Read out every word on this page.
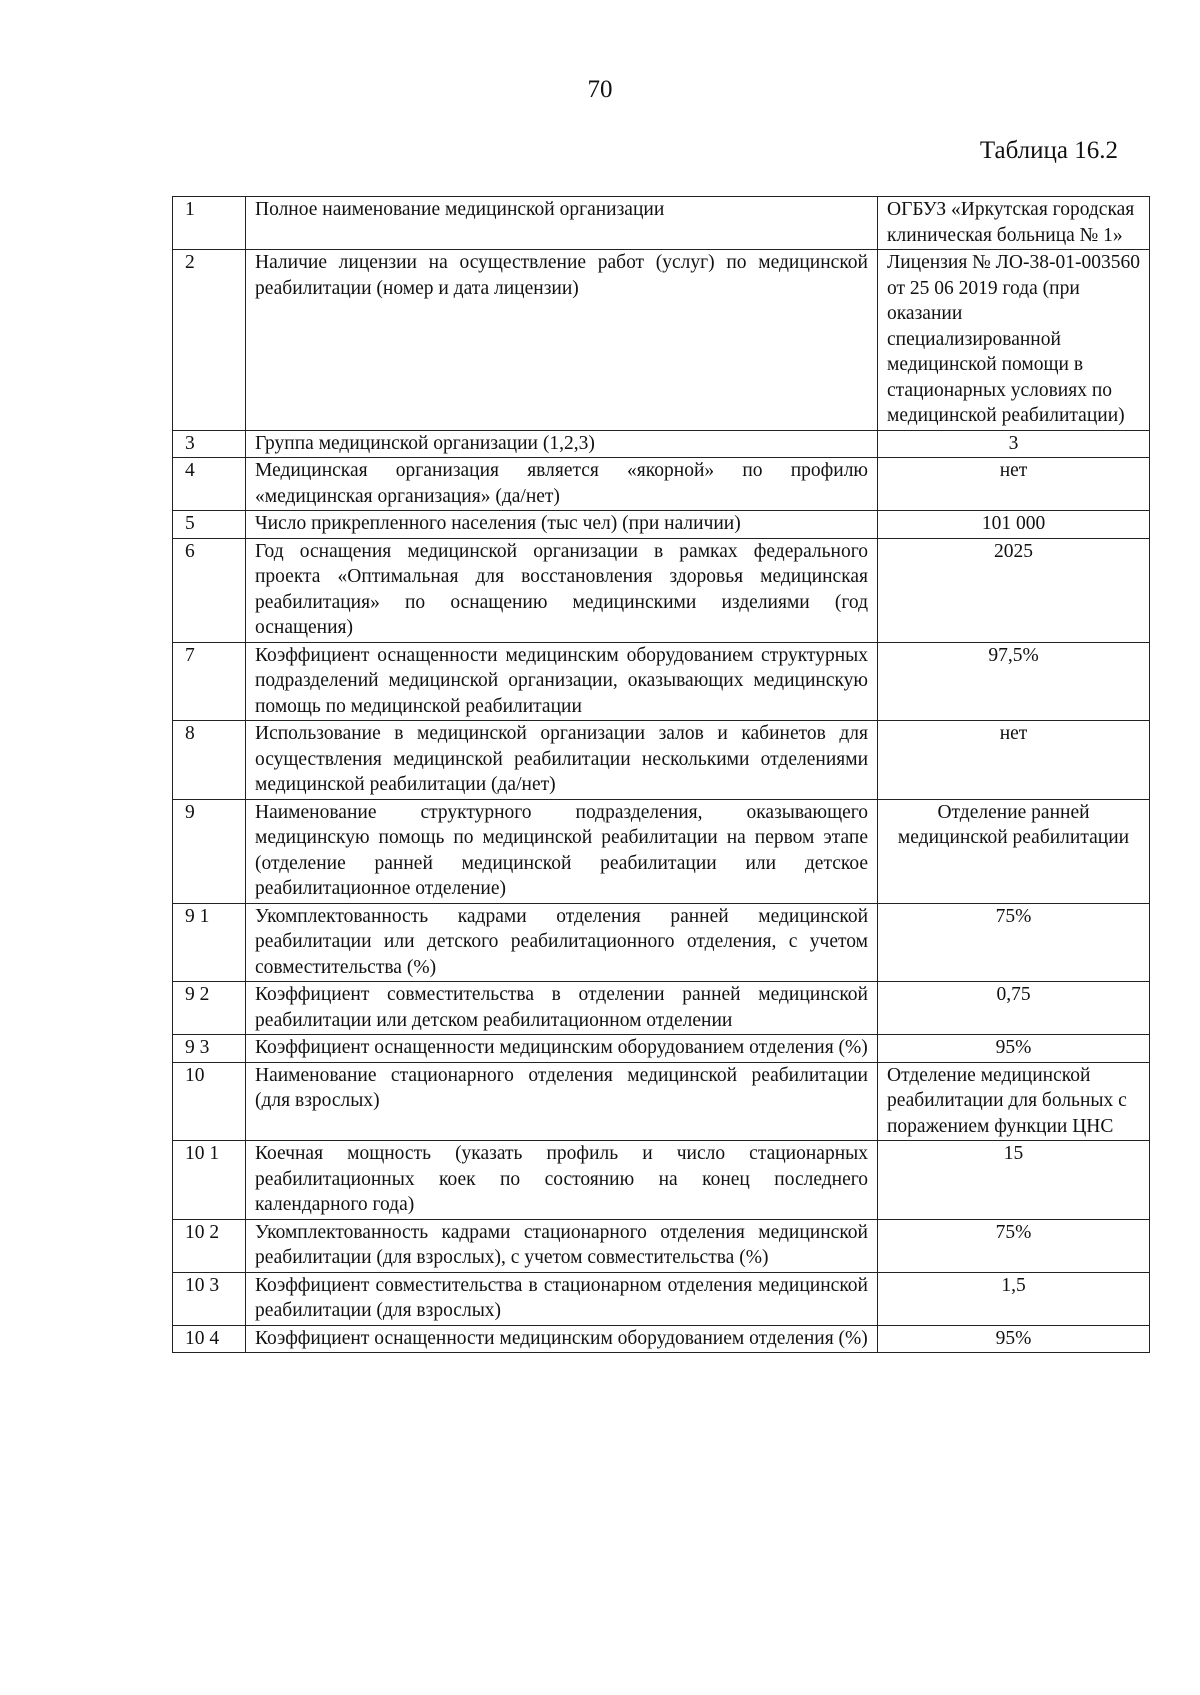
70
Таблица 16.2
1	Полное наименование медицинской организации	ОГБУЗ «Иркутская городская клиническая больница № 1»
2	Наличие лицензии на осуществление работ (услуг) по медицинской реабилитации (номер и дата лицензии)	Лицензия № ЛО-38-01-003560 от 25 06 2019 года (при оказании специализированной медицинской помощи в стационарных условиях по медицинской реабилитации)
3	Группа медицинской организации (1,2,3)	3
4	Медицинская организация является «якорной» по профилю «медицинская организация» (да/нет)	нет
5	Число прикрепленного населения (тыс чел) (при наличии)	101 000
6	Год оснащения медицинской организации в рамках федерального проекта «Оптимальная для восстановления здоровья медицинская реабилитация» по оснащению медицинскими изделиями (год оснащения)	2025
7	Коэффициент оснащенности медицинским оборудованием структурных подразделений медицинской организации, оказывающих медицинскую помощь по медицинской реабилитации	97,5%
8	Использование в медицинской организации залов и кабинетов для осуществления медицинской реабилитации несколькими отделениями медицинской реабилитации (да/нет)	нет
9	Наименование структурного подразделения, оказывающего медицинскую помощь по медицинской реабилитации на первом этапе (отделение ранней медицинской реабилитации или детское реабилитационное отделение)	Отделение ранней медицинской реабилитации
9 1	Укомплектованность кадрами отделения ранней медицинской реабилитации или детского реабилитационного отделения, с учетом совместительства (%)	75%
9 2	Коэффициент совместительства в отделении ранней медицинской реабилитации или детском реабилитационном отделении	0,75
9 3	Коэффициент оснащенности медицинским оборудованием отделения (%)	95%
10	Наименование стационарного отделения медицинской реабилитации (для взрослых)	Отделение медицинской реабилитации для больных с поражением функции ЦНС
10 1	Коечная мощность (указать профиль и число стационарных реабилитационных коек по состоянию на конец последнего календарного года)	15
10 2	Укомплектованность кадрами стационарного отделения медицинской реабилитации (для взрослых), с учетом совместительства (%)	75%
10 3	Коэффициент совместительства в стационарном отделения медицинской реабилитации (для взрослых)	1,5
10 4	Коэффициент оснащенности медицинским оборудованием отделения (%)	95%
